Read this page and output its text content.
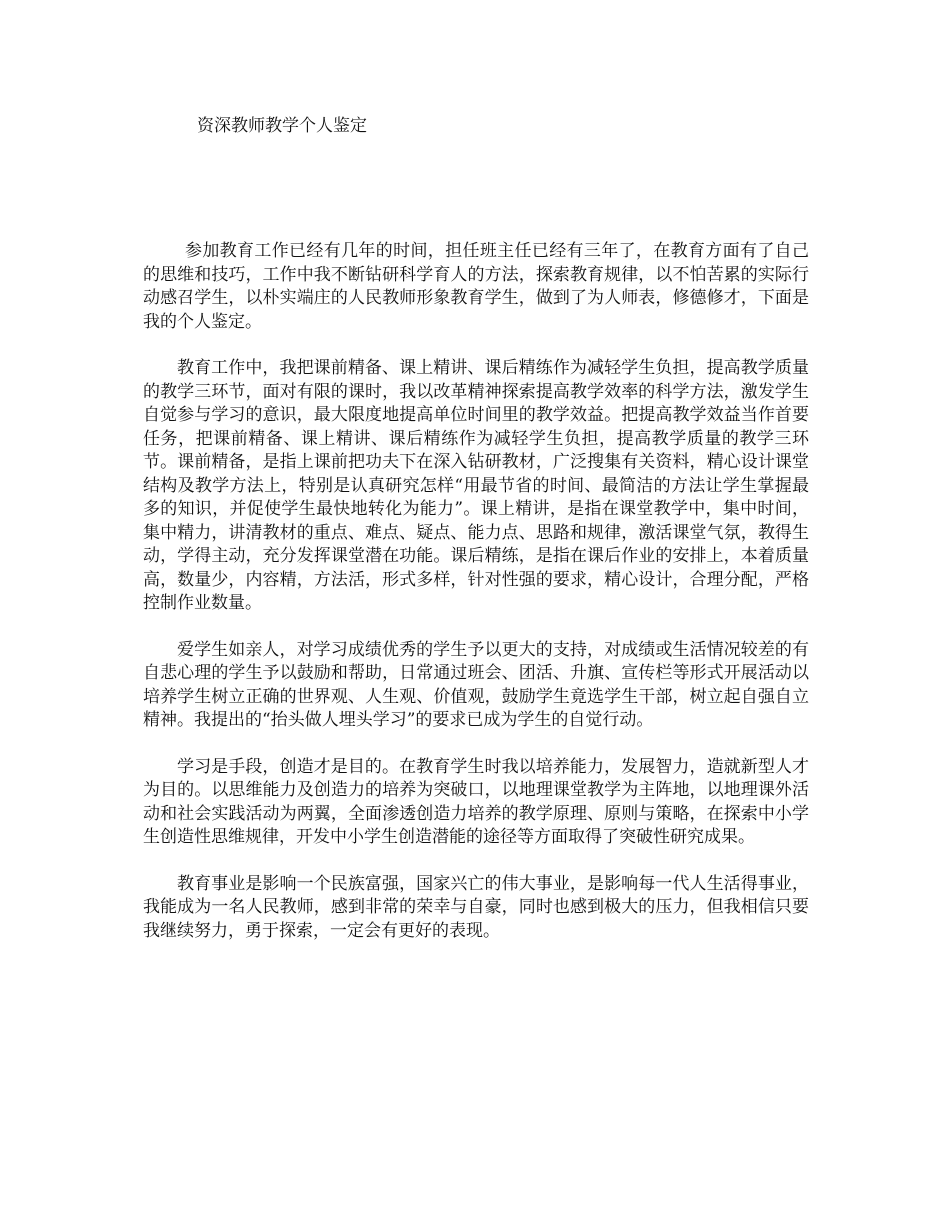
资深教师教学个人鉴定

参加教育工作已经有几年的时间，担任班主任已经有三年了，在教育方面有了自己的思维和技巧，工作中我不断钻研科学育人的方法，探索教育规律，以不怕苦累的实际行动感召学生，以朴实端庄的人民教师形象教育学生，做到了为人师表，修德修才，下面是我的个人鉴定。

教育工作中，我把课前精备、课上精讲、课后精练作为减轻学生负担，提高教学质量的教学三环节，面对有限的课时，我以改革精神探索提高教学效率的科学方法，激发学生自觉参与学习的意识，最大限度地提高单位时间里的教学效益。把提高教学效益当作首要任务，把课前精备、课上精讲、课后精练作为减轻学生负担，提高教学质量的教学三环节。课前精备，是指上课前把功夫下在深入钻研教材，广泛搜集有关资料，精心设计课堂结构及教学方法上，特别是认真研究怎样“用最节省的时间、最简洁的方法让学生掌握最多的知识，并促使学生最快地转化为能力”。课上精讲，是指在课堂教学中，集中时间，集中精力，讲清教材的重点、难点、疑点、能力点、思路和规律，激活课堂气氛，教得生动，学得主动，充分发挥课堂潜在功能。课后精练，是指在课后作业的安排上，本着质量高，数量少，内容精，方法活，形式多样，针对性强的要求，精心设计，合理分配，严格控制作业数量。

爱学生如亲人，对学习成绩优秀的学生予以更大的支持，对成绩或生活情况较差的有自悲心理的学生予以鼓励和帮助，日常通过班会、团活、升旗、宣传栏等形式开展活动以培养学生树立正确的世界观、人生观、价值观，鼓励学生竟选学生干部，树立起自强自立精神。我提出的“抬头做人埋头学习”的要求已成为学生的自觉行动。

学习是手段，创造才是目的。在教育学生时我以培养能力，发展智力，造就新型人才为目的。以思维能力及创造力的培养为突破口，以地理课堂教学为主阵地，以地理课外活动和社会实践活动为两翼，全面渗透创造力培养的教学原理、原则与策略，在探索中小学生创造性思维规律，开发中小学生创造潜能的途径等方面取得了突破性研究成果。

教育事业是影响一个民族富强，国家兴亡的伟大事业，是影响每一代人生活得事业，我能成为一名人民教师，感到非常的荣幸与自豪，同时也感到极大的压力，但我相信只要我继续努力，勇于探索，一定会有更好的表现。
